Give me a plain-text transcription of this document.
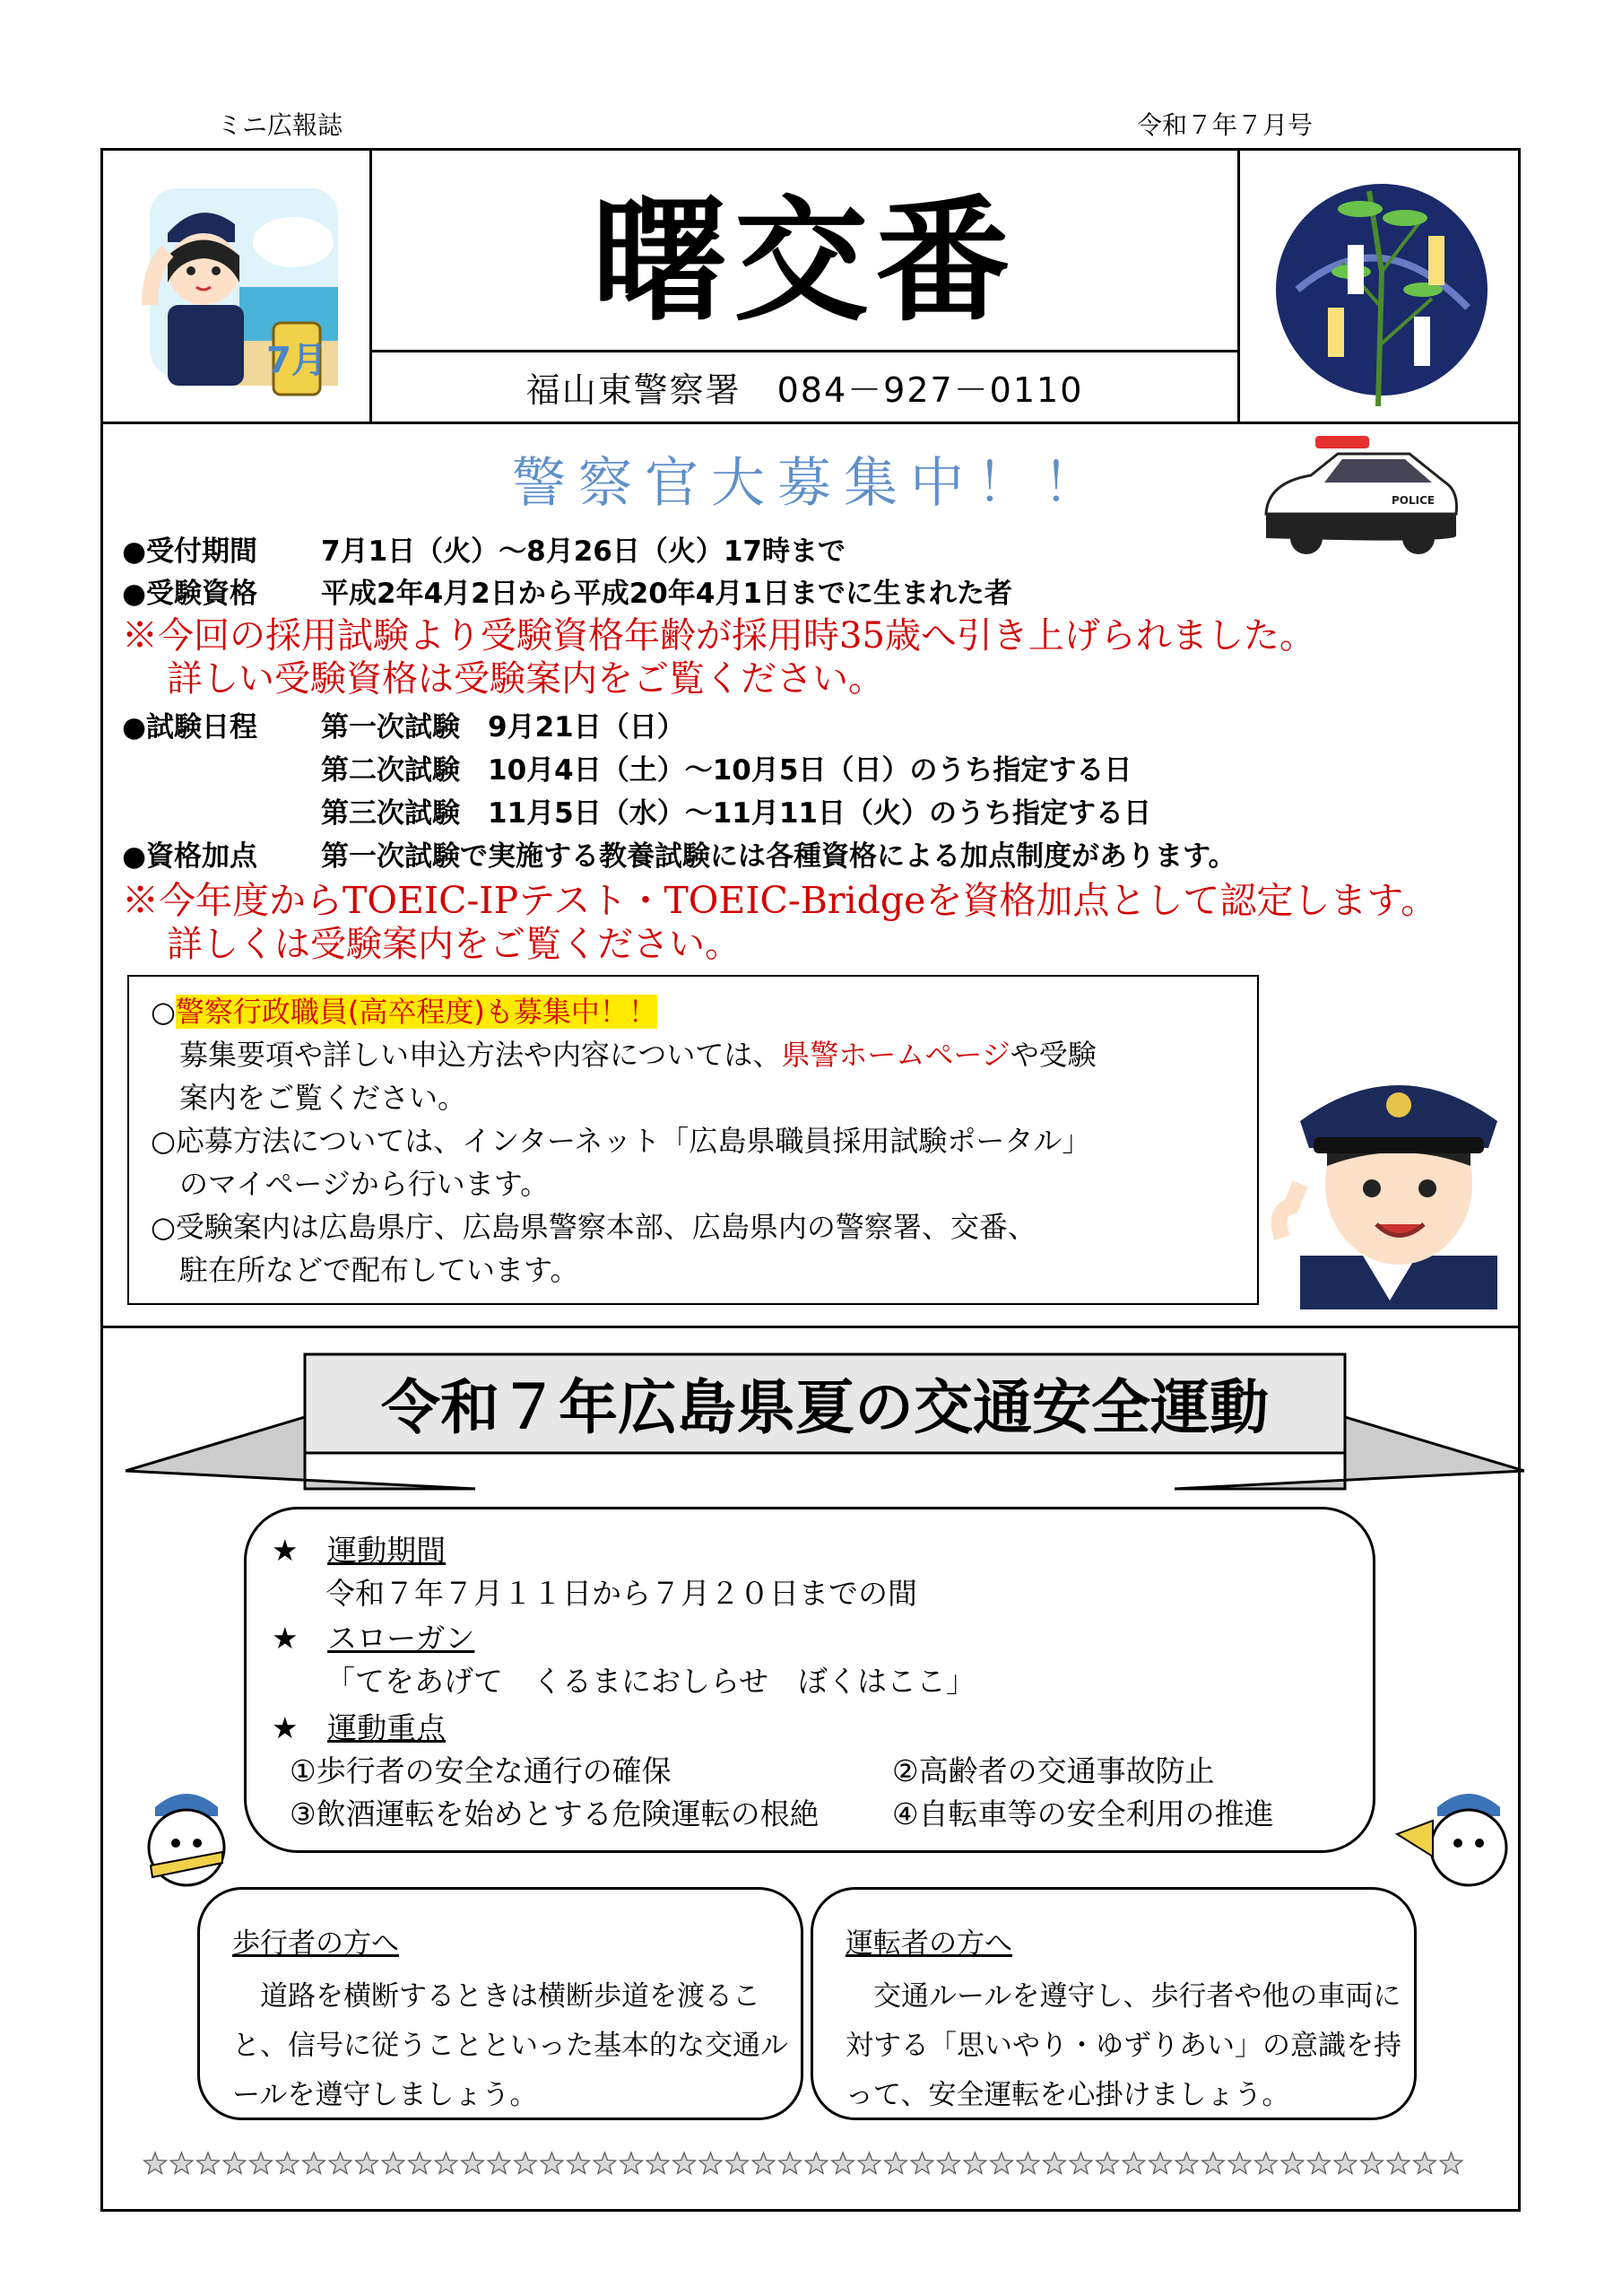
ミニ広報誌	令和７年７月号
7月
曙交番
福山東警察署　084－927－0110
警察官大募集中！！	POLICE
●受付期間 7月1日（火）～8月26日（火）17時まで
●受験資格 平成2年4月2日から平成20年4月1日までに生まれた者
※今回の採用試験より受験資格年齢が採用時35歳へ引き上げられました。
詳しい受験資格は受験案内をご覧ください。
●試験日程 第一次試験　9月21日（日）
第二次試験　10月4日（土）～10月5日（日）のうち指定する日
第三次試験　11月5日（水）～11月11日（火）のうち指定する日
●資格加点 第一次試験で実施する教養試験には各種資格による加点制度があります。
※今年度からTOEIC-IPテスト・TOEIC-Bridgeを資格加点として認定します。
詳しくは受験案内をご覧ください。
○警察行政職員(高卒程度)も募集中！！
募集要項や詳しい申込方法や内容については、県警ホームページや受験
案内をご覧ください。
○応募方法については、インターネット「広島県職員採用試験ポータル」
のマイページから行います。
○受験案内は広島県庁、広島県警察本部、広島県内の警察署、交番、
駐在所などで配布しています。
令和７年広島県夏の交通安全運動
★ 運動期間
令和７年７月１１日から７月２０日までの間
★ スローガン
「てをあげて　くるまにおしらせ　ぼくはここ」
★ 運動重点
①歩行者の安全な通行の確保	②高齢者の交通事故防止
③飲酒運転を始めとする危険運転の根絶 ④自転車等の安全利用の推進
歩行者の方へ
　道路を横断するときは横断歩道を渡ること、信号に従うことといった基本的な交通ルールを遵守しましょう。
運転者の方へ
　交通ルールを遵守し、歩行者や他の車両に対する「思いやり・ゆずりあい」の意識を持って、安全運転を心掛けましょう。
